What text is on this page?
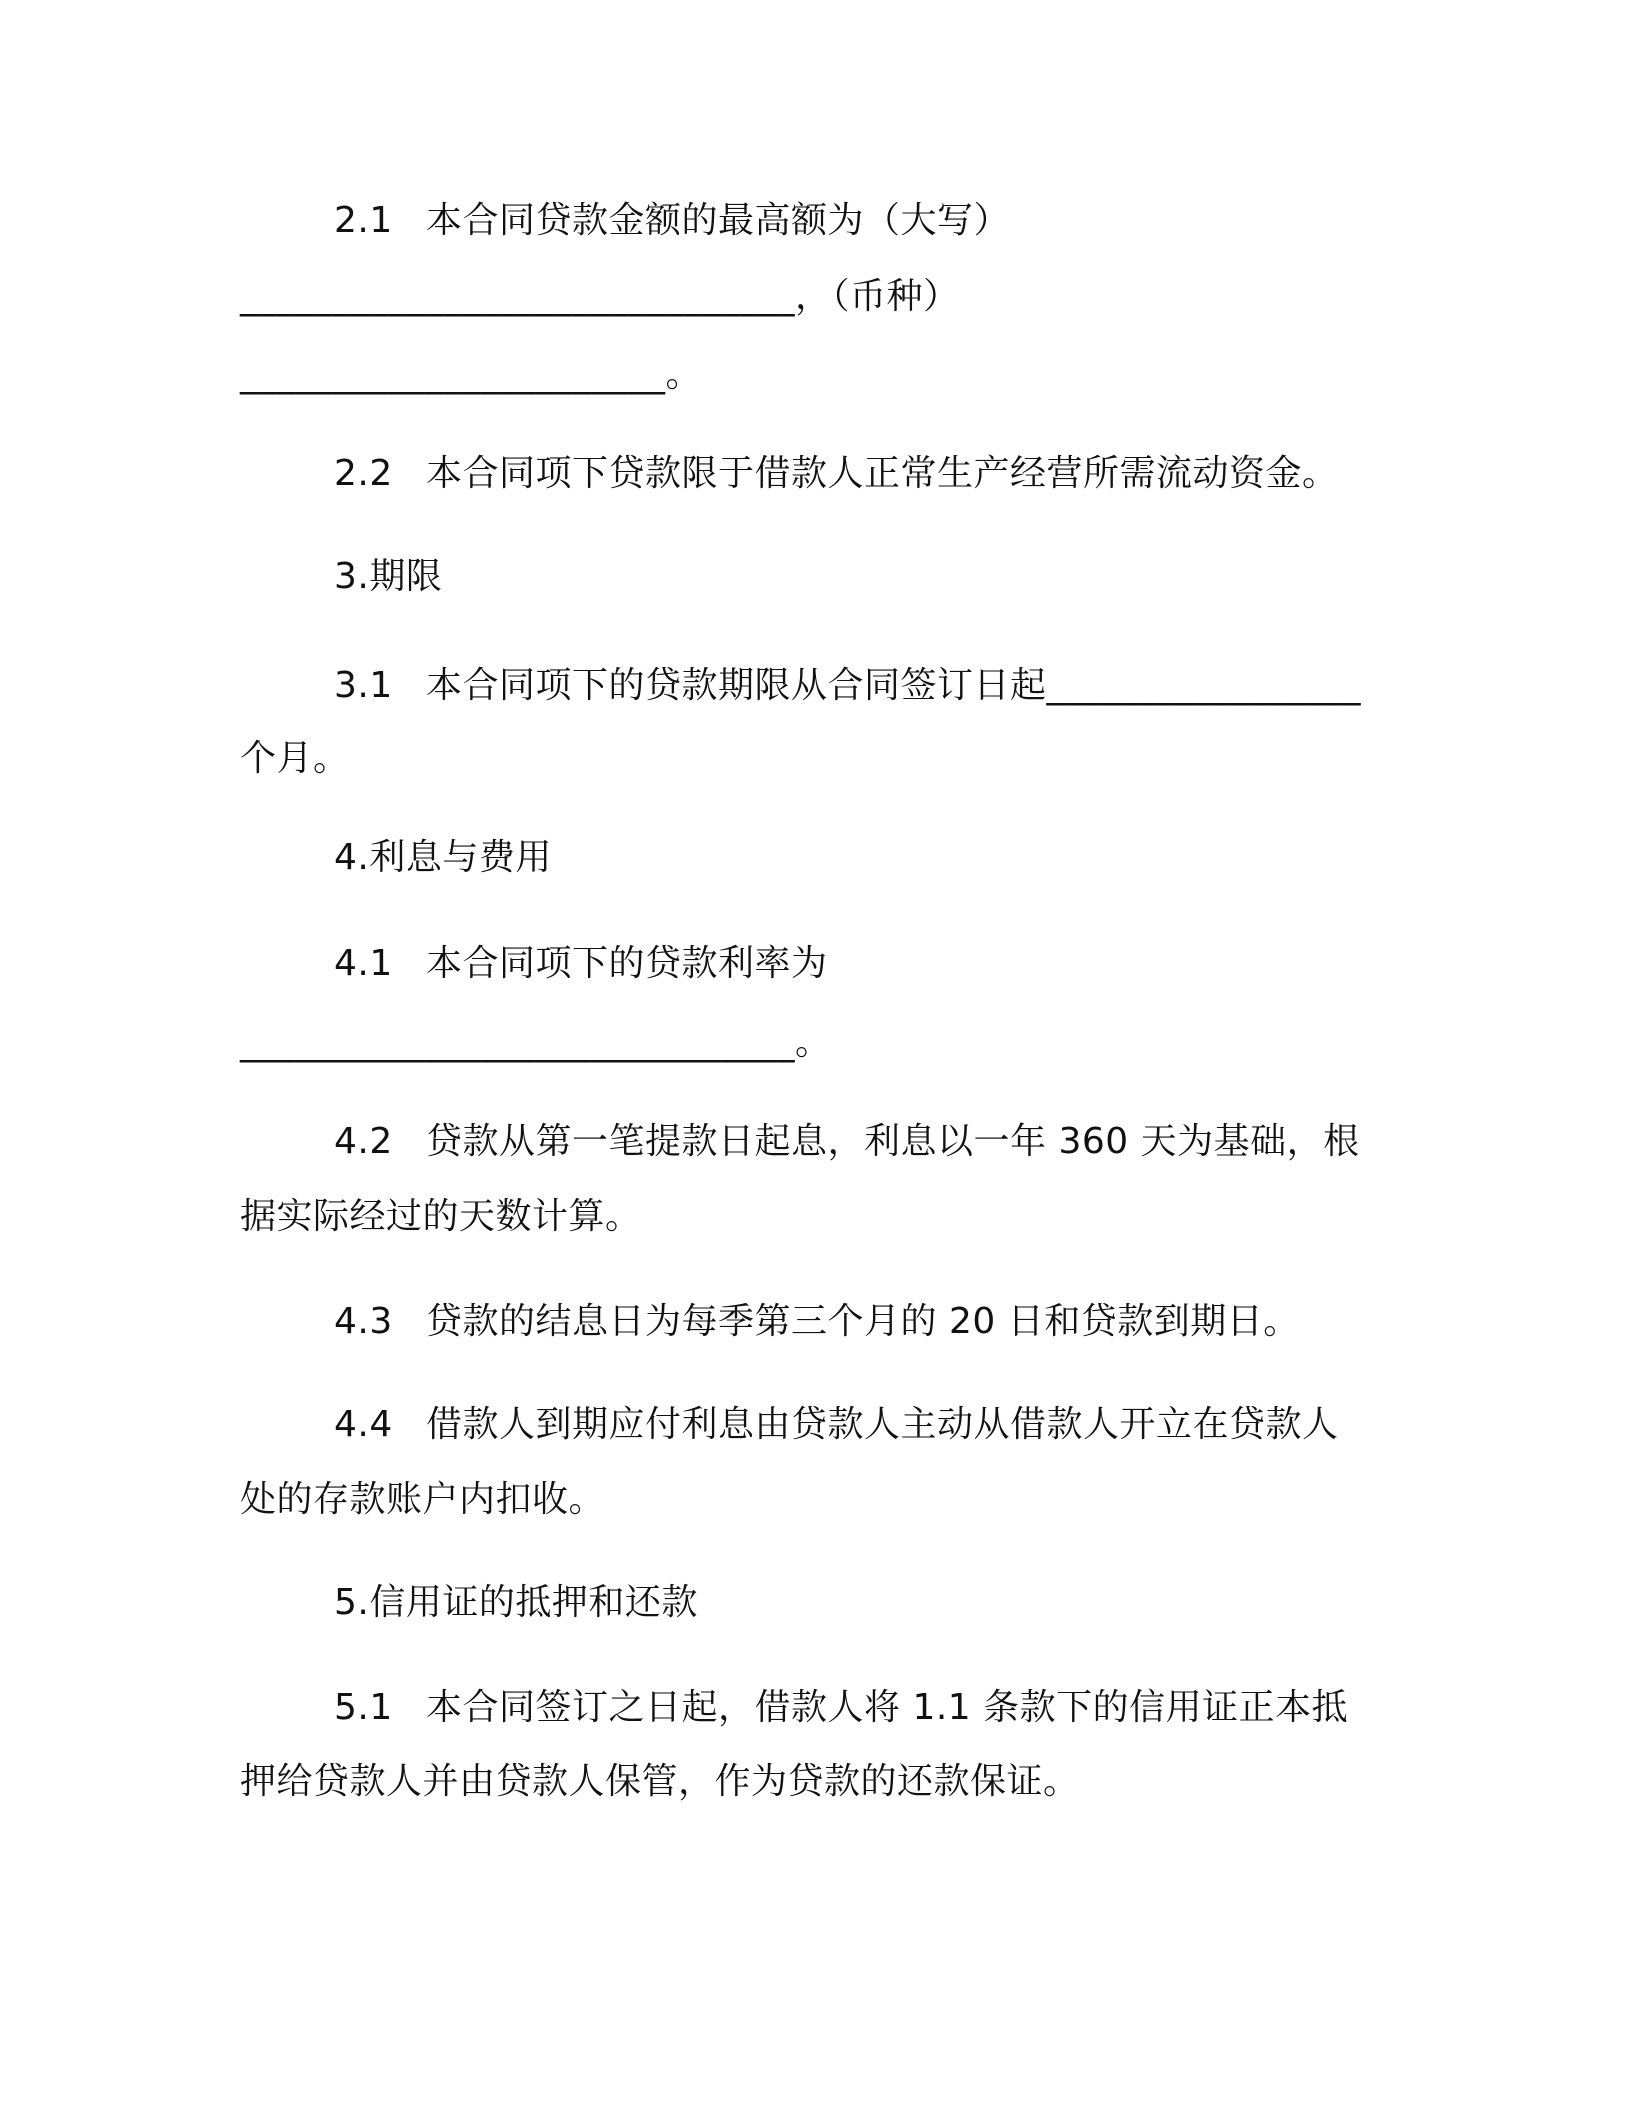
2.1 本合同贷款金额的最高额为（大写）
______________________________，（币种）
_______________________。
2.2 本合同项下贷款限于借款人正常生产经营所需流动资金。
3.期限
3.1 本合同项下的贷款期限从合同签订日起_________________
个月。
4.利息与费用
4.1 本合同项下的贷款利率为
______________________________。
4.2 贷款从第一笔提款日起息，利息以一年 360 天为基础，根
据实际经过的天数计算。
4.3 贷款的结息日为每季第三个月的 20 日和贷款到期日。
4.4 借款人到期应付利息由贷款人主动从借款人开立在贷款人
处的存款账户内扣收。
5.信用证的抵押和还款
5.1 本合同签订之日起，借款人将 1.1 条款下的信用证正本抵
押给贷款人并由贷款人保管，作为贷款的还款保证。
